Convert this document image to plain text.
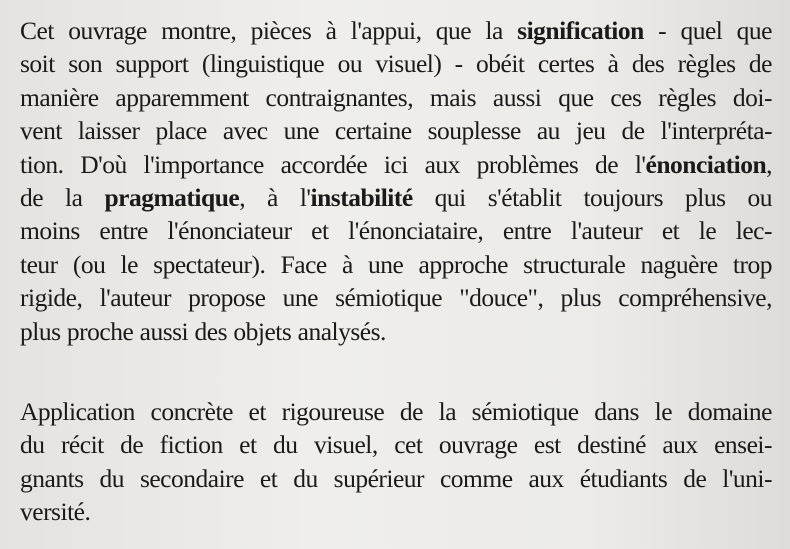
Cet ouvrage montre, pièces à l'appui, que la signification - quel que
soit son support (linguistique ou visuel) - obéit certes à des règles de
manière apparemment contraignantes, mais aussi que ces règles doi-
vent laisser place avec une certaine souplesse au jeu de l'interpréta-
tion. D'où l'importance accordée ici aux problèmes de l'énonciation,
de la pragmatique, à l'instabilité qui s'établit toujours plus ou
moins entre l'énonciateur et l'énonciataire, entre l'auteur et le lec-
teur (ou le spectateur). Face à une approche structurale naguère trop
rigide, l'auteur propose une sémiotique "douce", plus compréhensive,
plus proche aussi des objets analysés.
Application concrète et rigoureuse de la sémiotique dans le domaine
du récit de fiction et du visuel, cet ouvrage est destiné aux ensei-
gnants du secondaire et du supérieur comme aux étudiants de l'uni-
versité.
